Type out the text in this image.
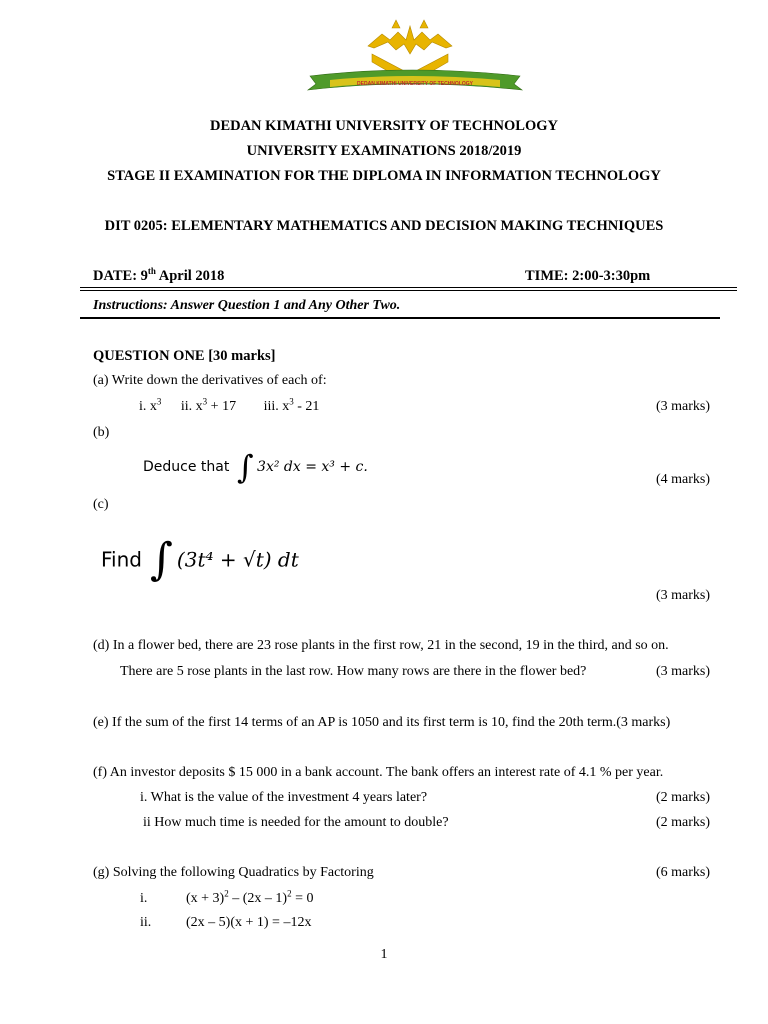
DEDAN KIMATHI UNIVERSITY OF TECHNOLOGY
DEDAN KIMATHI UNIVERSITY OF TECHNOLOGY
UNIVERSITY EXAMINATIONS 2018/2019
STAGE II EXAMINATION FOR THE DIPLOMA IN INFORMATION TECHNOLOGY
DIT 0205: ELEMENTARY MATHEMATICS AND DECISION MAKING TECHNIQUES
DATE: 9th April 2018	TIME: 2:00-3:30pm
Instructions: Answer Question 1 and Any Other Two.
QUESTION ONE [30 marks]
(a) Write down the derivatives of each of:
i. $x^3$ ii. $x^3 + 17$ iii. $x^3 - 21$	(3 marks)
(b)
Deduce that ∫ 3x² dx = x³ + c.
(4 marks)
(c)
Find ∫ (3t⁴ + √t) dt
(3 marks)
(d) In a flower bed, there are 23 rose plants in the first row, 21 in the second, 19 in the third, and so on.
There are 5 rose plants in the last row. How many rows are there in the flower bed?	(3 marks)
(e) If the sum of the first 14 terms of an AP is 1050 and its first term is 10, find the 20th term.(3 marks)
(f) An investor deposits $ 15 000 in a bank account. The bank offers an interest rate of 4.1 % per year.
i. What is the value of the investment 4 years later?	(2 marks)
ii How much time is needed for the amount to double?	(2 marks)
(g) Solving the following Quadratics by Factoring	(6 marks)
i.	$(x + 3)^2 - (2x - 1)^2 = 0$
ii. (2x – 5)(x + 1) = –12x
1
